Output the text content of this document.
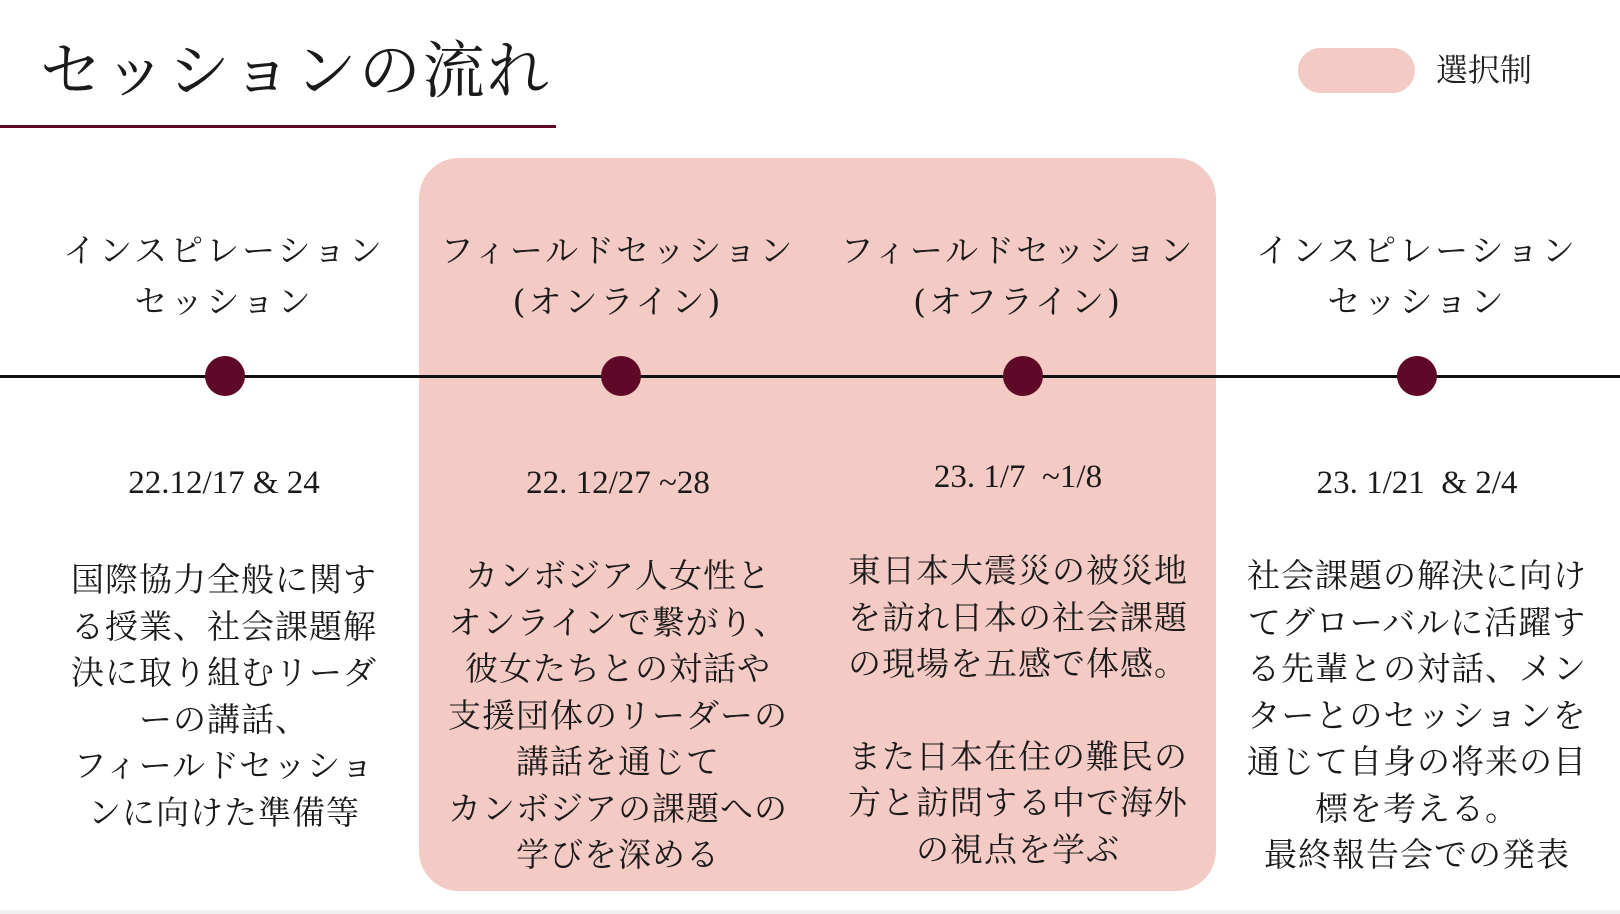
セッションの流れ	選択制
インスピレーション
セッション
22.12/17 & 24
国際協力全般に関す
る授業、社会課題解
決に取り組むリーダ
ーの講話、
フィールドセッショ
ンに向けた準備等
フィールドセッション
(オンライン)
22. 12/27 ~28
カンボジア人女性と
オンラインで繋がり、
彼女たちとの対話や
支援団体のリーダーの
講話を通じて
カンボジアの課題への
学びを深める
フィールドセッション
(オフライン)
23. 1/7  ~1/8
東日本大震災の被災地
を訪れ日本の社会課題
の現場を五感で体感。
また日本在住の難民の
方と訪問する中で海外
の視点を学ぶ
インスピレーション
セッション
23. 1/21  & 2/4
社会課題の解決に向け
てグローバルに活躍す
る先輩との対話、メン
ターとのセッションを
通じて自身の将来の目
標を考える。
最終報告会での発表
